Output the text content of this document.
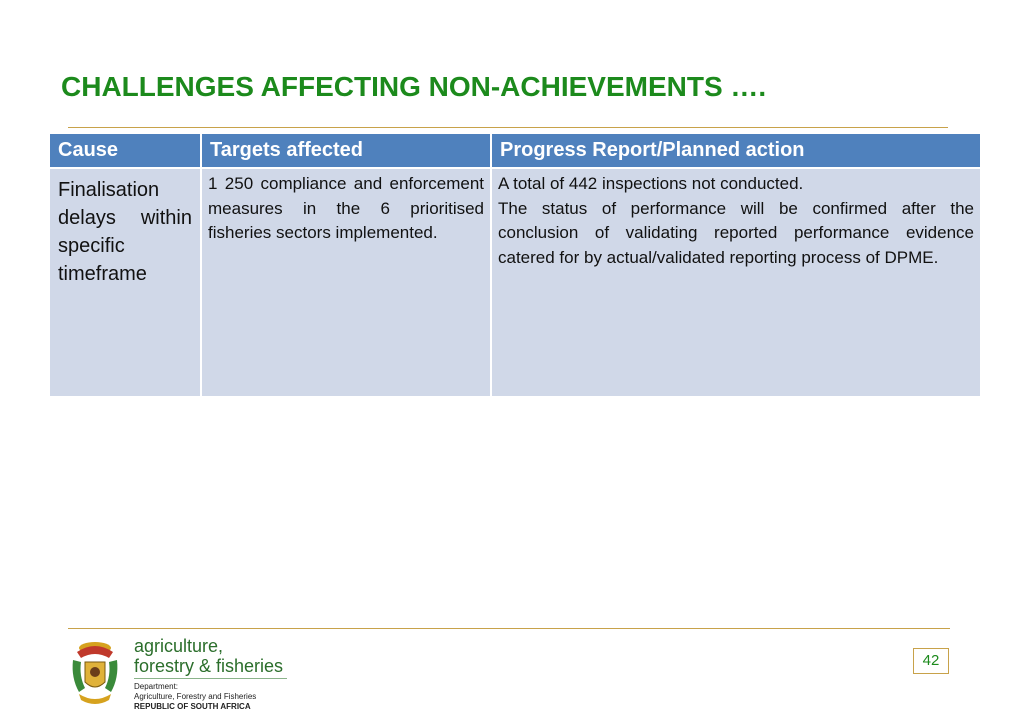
CHALLENGES AFFECTING NON-ACHIEVEMENTS ….
Cause	Targets affected	Progress Report/Planned action
Finalisation delays within specific timeframe	1 250 compliance and enforcement measures in the 6 prioritised fisheries sectors implemented.	A total of 442 inspections not conducted.

The status of performance will be confirmed after the conclusion of validating reported performance evidence catered for by actual/validated reporting process of DPME.

agriculture,
forestry & fisheries
Department:
Agriculture, Forestry and Fisheries
REPUBLIC OF SOUTH AFRICA
42
